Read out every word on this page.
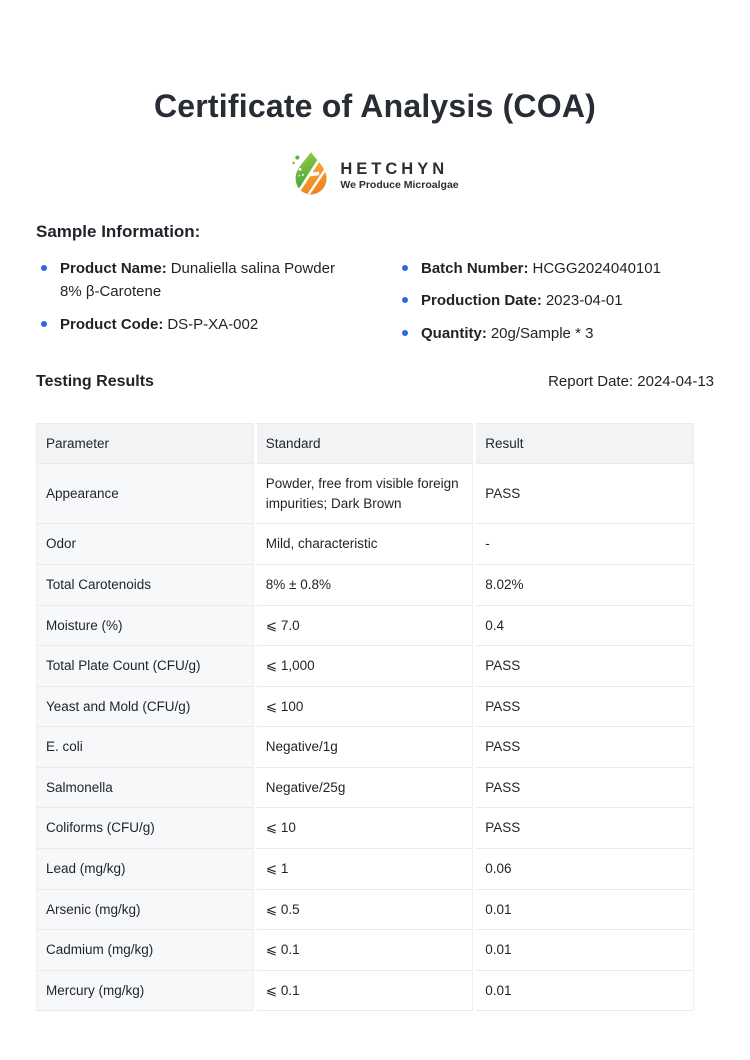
Certificate of Analysis (COA)
HETCHYN
We Produce Microalgae
Sample Information:
Product Name: Dunaliella salina Powder 8% β-Carotene
Product Code: DS-P-XA-002
Batch Number: HCGG2024040101
Production Date: 2023-04-01
Quantity: 20g/Sample * 3
Testing Results	Report Date: 2024-04-13
Parameter	Standard	Result
Appearance	Powder, free from visible foreign impurities; Dark Brown	PASS
Odor	Mild, characteristic	-
Total Carotenoids	8% ± 0.8%	8.02%
Moisture (%)	⩽ 7.0	0.4
Total Plate Count (CFU/g)	⩽ 1,000	PASS
Yeast and Mold (CFU/g)	⩽ 100	PASS
E. coli	Negative/1g	PASS
Salmonella	Negative/25g	PASS
Coliforms (CFU/g)	⩽ 10	PASS
Lead (mg/kg)	⩽ 1	0.06
Arsenic (mg/kg)	⩽ 0.5	0.01
Cadmium (mg/kg)	⩽ 0.1	0.01
Mercury (mg/kg)	⩽ 0.1	0.01
